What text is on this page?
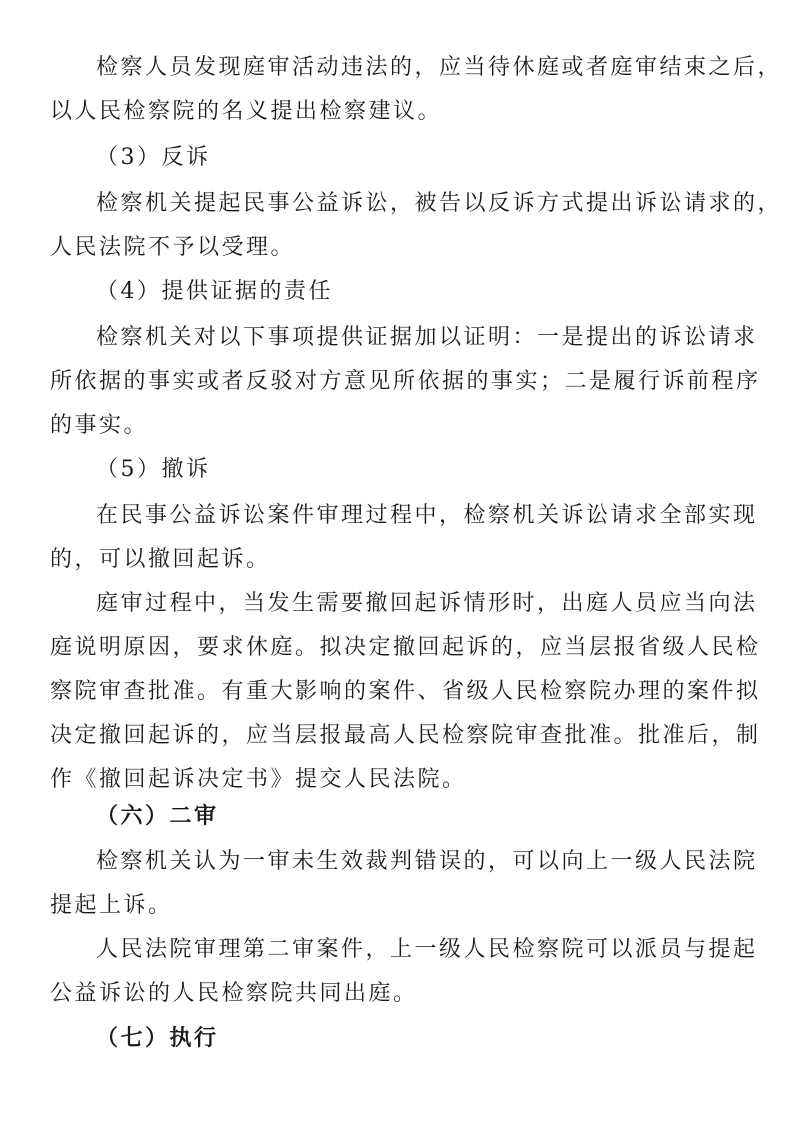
检察人员发现庭审活动违法的，应当待休庭或者庭审结束之后，
以人民检察院的名义提出检察建议。
（3）反诉
检察机关提起民事公益诉讼，被告以反诉方式提出诉讼请求的，
人民法院不予以受理。
（4）提供证据的责任
检察机关对以下事项提供证据加以证明：一是提出的诉讼请求
所依据的事实或者反驳对方意见所依据的事实；二是履行诉前程序
的事实。
（5）撤诉
在民事公益诉讼案件审理过程中，检察机关诉讼请求全部实现
的，可以撤回起诉。
庭审过程中，当发生需要撤回起诉情形时，出庭人员应当向法
庭说明原因，要求休庭。拟决定撤回起诉的，应当层报省级人民检
察院审查批准。有重大影响的案件、省级人民检察院办理的案件拟
决定撤回起诉的，应当层报最高人民检察院审查批准。批准后，制
作《撤回起诉决定书》提交人民法院。
（六）二审
检察机关认为一审未生效裁判错误的，可以向上一级人民法院
提起上诉。
人民法院审理第二审案件，上一级人民检察院可以派员与提起
公益诉讼的人民检察院共同出庭。
（七）执行
